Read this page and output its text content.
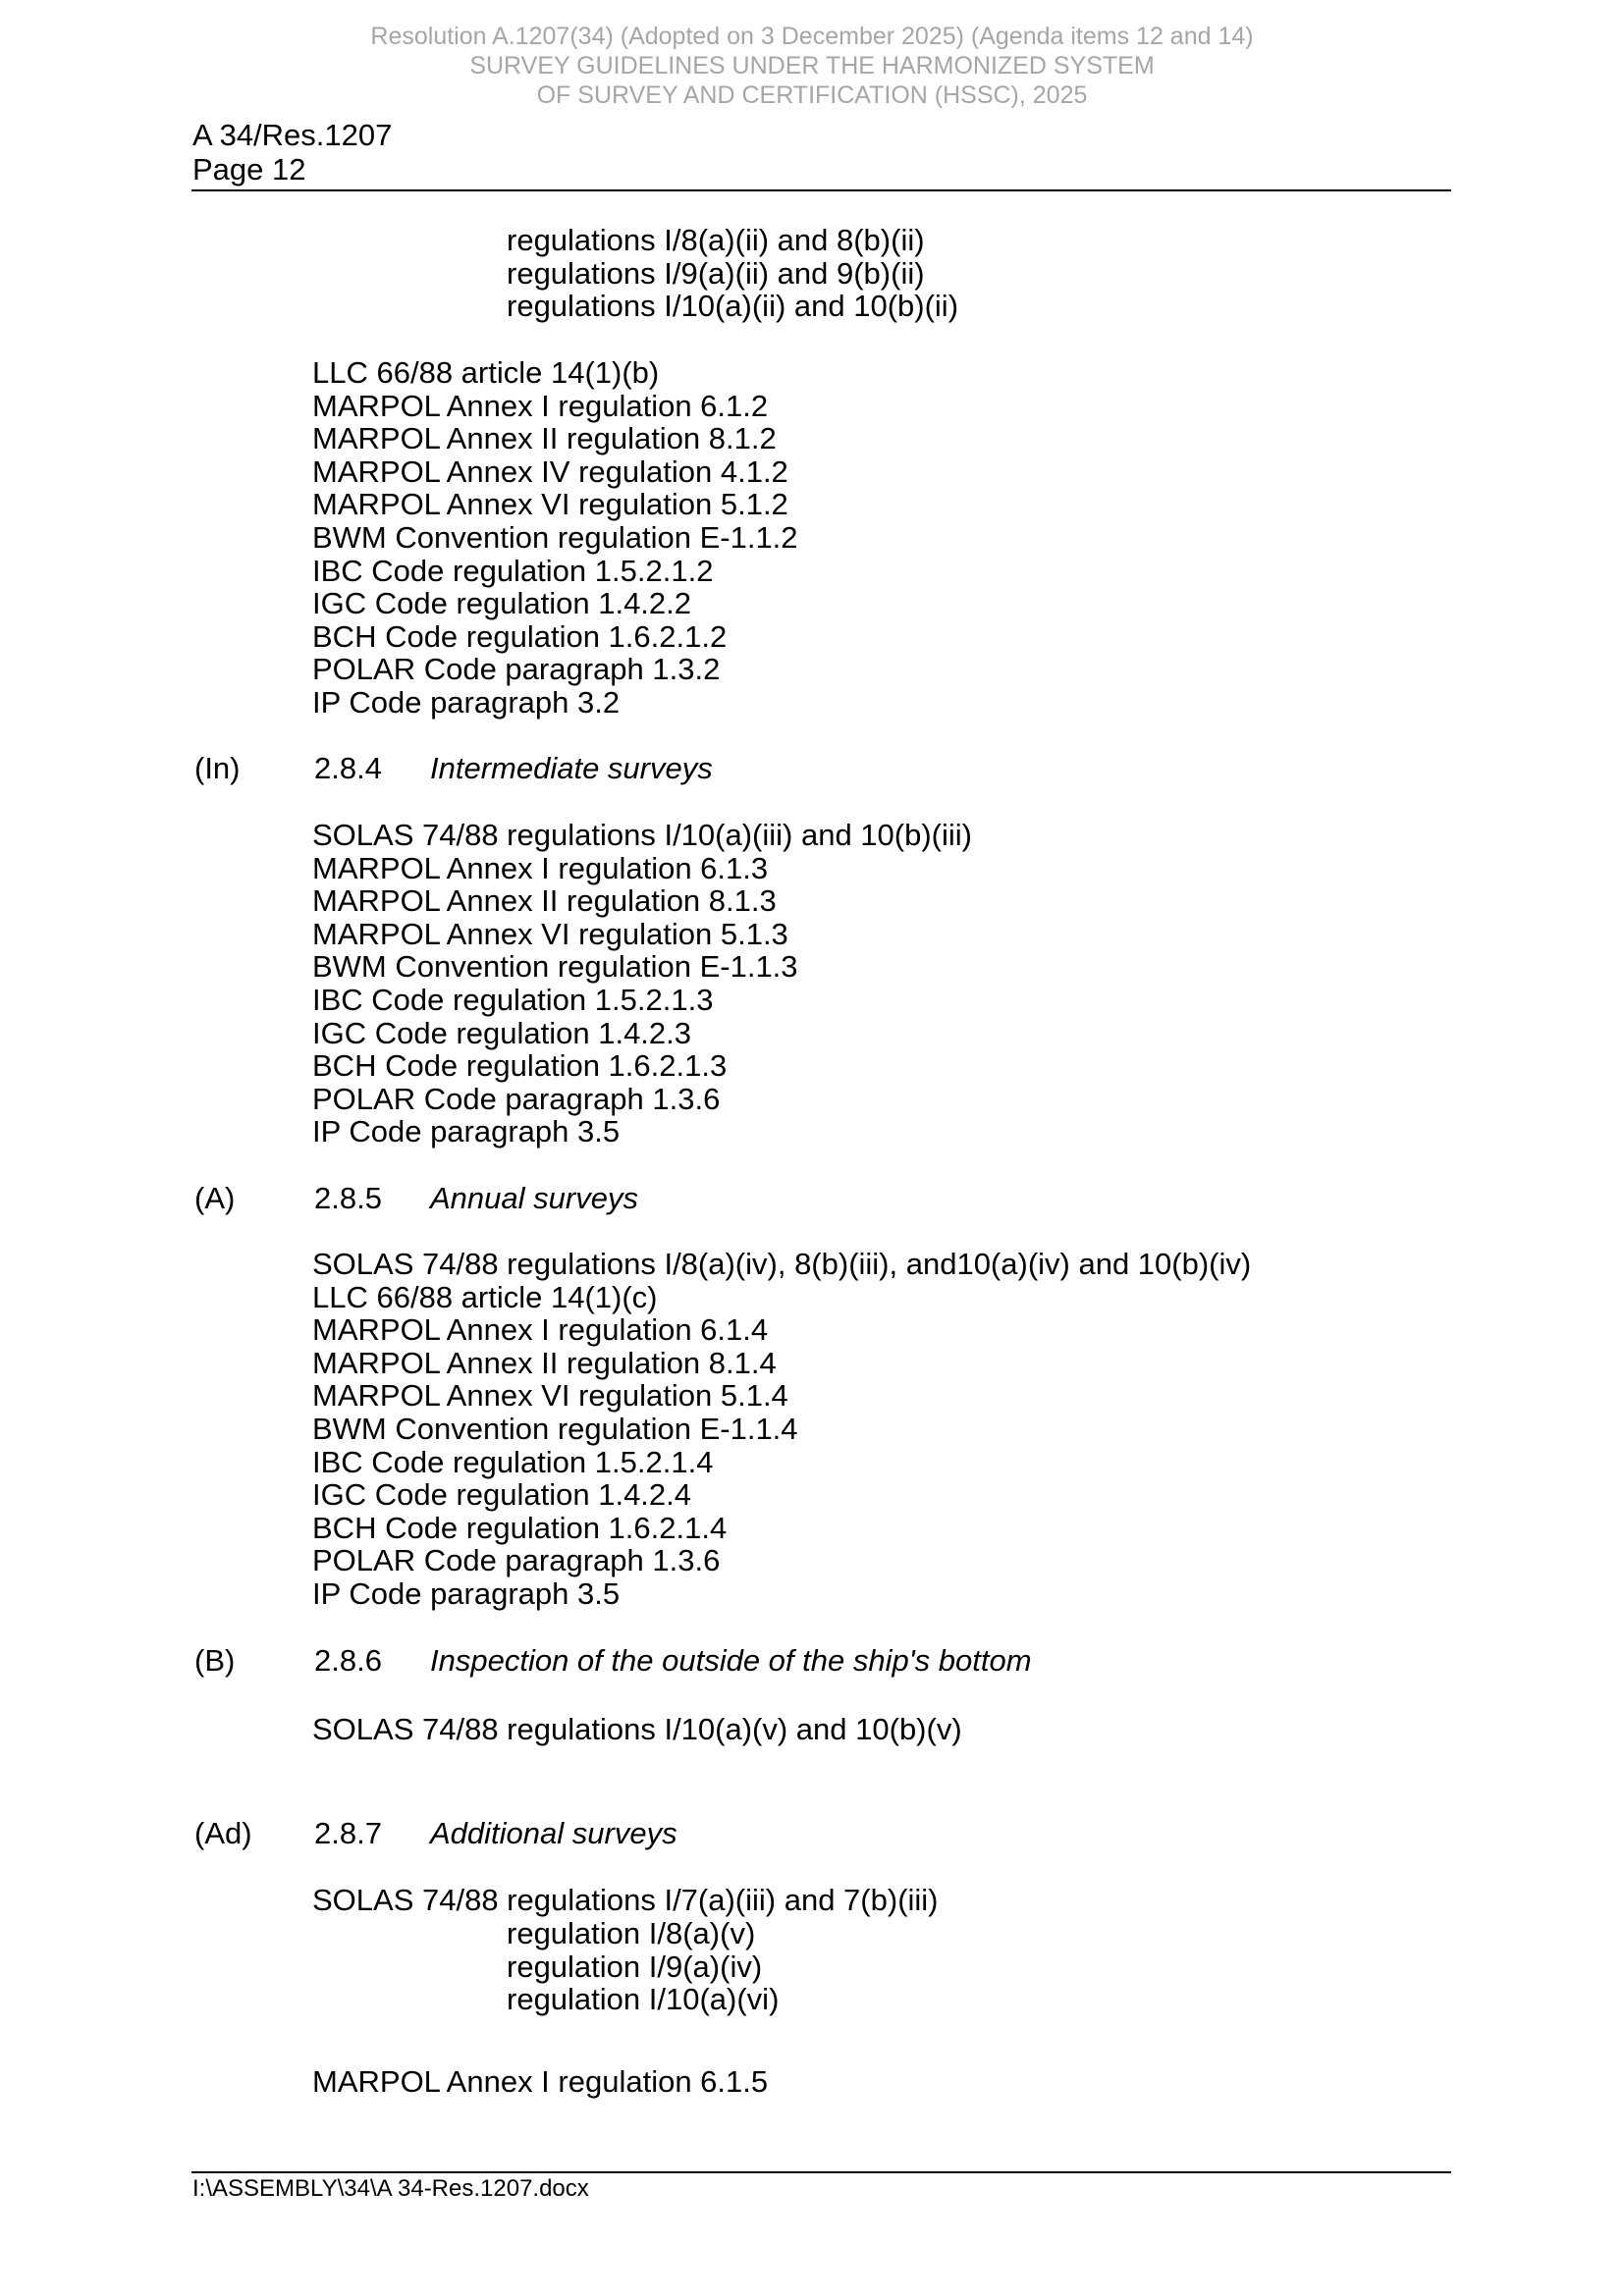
Resolution A.1207(34) (Adopted on 3 December 2025) (Agenda items 12 and 14)
SURVEY GUIDELINES UNDER THE HARMONIZED SYSTEM
OF SURVEY AND CERTIFICATION (HSSC), 2025
A 34/Res.1207
Page 12
regulations I/8(a)(ii) and 8(b)(ii)
regulations I/9(a)(ii) and 9(b)(ii)
regulations I/10(a)(ii) and 10(b)(ii)
LLC 66/88 article 14(1)(b)
MARPOL Annex I regulation 6.1.2
MARPOL Annex II regulation 8.1.2
MARPOL Annex IV regulation 4.1.2
MARPOL Annex VI regulation 5.1.2
BWM Convention regulation E-1.1.2
IBC Code regulation 1.5.2.1.2
IGC Code regulation 1.4.2.2
BCH Code regulation 1.6.2.1.2
POLAR Code paragraph 1.3.2
IP Code paragraph 3.2
(In) 2.8.4 Intermediate surveys
SOLAS 74/88 regulations I/10(a)(iii) and 10(b)(iii)
MARPOL Annex I regulation 6.1.3
MARPOL Annex II regulation 8.1.3
MARPOL Annex VI regulation 5.1.3
BWM Convention regulation E-1.1.3
IBC Code regulation 1.5.2.1.3
IGC Code regulation 1.4.2.3
BCH Code regulation 1.6.2.1.3
POLAR Code paragraph 1.3.6
IP Code paragraph 3.5
(A)	2.8.5 Annual surveys
SOLAS 74/88 regulations I/8(a)(iv), 8(b)(iii), and10(a)(iv) and 10(b)(iv)
LLC 66/88 article 14(1)(c)
MARPOL Annex I regulation 6.1.4
MARPOL Annex II regulation 8.1.4
MARPOL Annex VI regulation 5.1.4
BWM Convention regulation E-1.1.4
IBC Code regulation 1.5.2.1.4
IGC Code regulation 1.4.2.4
BCH Code regulation 1.6.2.1.4
POLAR Code paragraph 1.3.6
IP Code paragraph 3.5
(B)	2.8.6 Inspection of the outside of the ship's bottom
SOLAS 74/88 regulations I/10(a)(v) and 10(b)(v)
(Ad) 2.8.7 Additional surveys
SOLAS 74/88 regulations I/7(a)(iii) and 7(b)(iii)
regulation I/8(a)(v)
regulation I/9(a)(iv)
regulation I/10(a)(vi)
MARPOL Annex I regulation 6.1.5
I:\ASSEMBLY\34\A 34-Res.1207.docx
